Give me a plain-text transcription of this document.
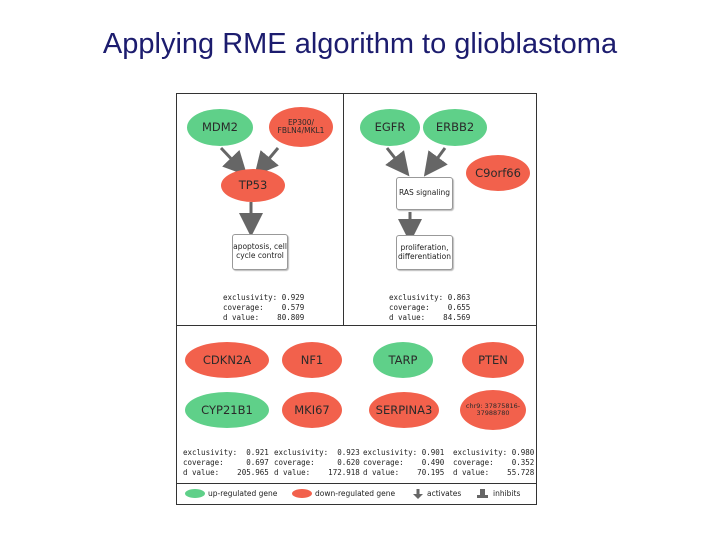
Applying RME algorithm to glioblastoma
MDM2	EP300/ FBLN4/MKL1
TP53
apoptosis, cell cycle control
exclusivity: 0.929
coverage:    0.579
d value:    80.809
EGFR	ERBB2
C9orf66
RAS signaling
proliferation, differentiation
exclusivity: 0.863
coverage:    0.655
d value:    84.569
CDKN2A	NF1
CYP21B1	MKI67
exclusivity:  0.921
coverage:     0.697
d value:    205.965
exclusivity:  0.923
coverage:     0.620
d value:    172.918
TARP	PTEN
SERPINA3	chr9: 37875816- 37988780
exclusivity: 0.901
coverage:    0.490
d value:    70.195
exclusivity: 0.980
coverage:    0.352
d value:    55.728
up-regulated gene	down-regulated gene	activates	inhibits
